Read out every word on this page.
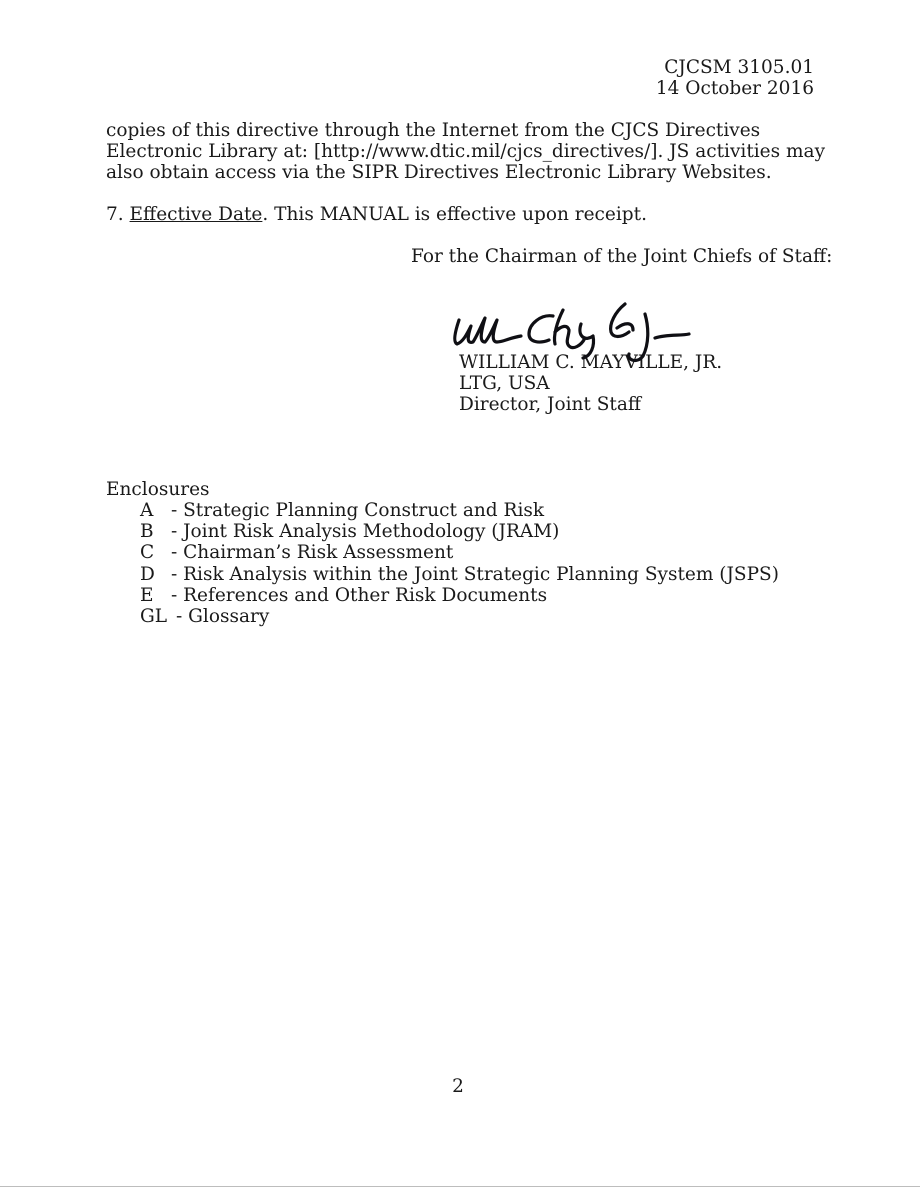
CJCSM 3105.01
14 October 2016
copies of this directive through the Internet from the CJCS Directives
Electronic Library at: [http://www.dtic.mil/cjcs_directives/]. JS activities may
also obtain access via the SIPR Directives Electronic Library Websites.
7. Effective Date. This MANUAL is effective upon receipt.
For the Chairman of the Joint Chiefs of Staff:
WILLIAM C. MAYVILLE, JR.
LTG, USA
Director, Joint Staff
Enclosures
A - Strategic Planning Construct and Risk
B - Joint Risk Analysis Methodology (JRAM)
C - Chairman’s Risk Assessment
D - Risk Analysis within the Joint Strategic Planning System (JSPS)
E - References and Other Risk Documents
GL - Glossary
2
